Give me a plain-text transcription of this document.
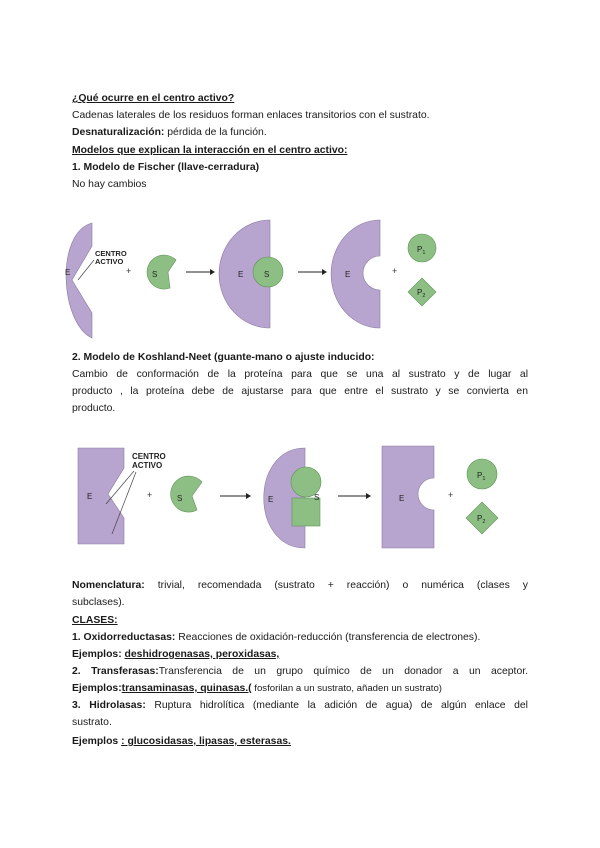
¿Qué ocurre en el centro activo?
Cadenas laterales de los residuos forman enlaces transitorios con el sustrato.
Desnaturalización: pérdida de la función.
Modelos que explican la interacción en el centro activo:
1. Modelo de Fischer (llave-cerradura)
No hay cambios
E
CENTRO
ACTIVO
+	S	E	S	E	+
$P_1$
$P_2$
2. Modelo de Koshland-Neet (guante-mano o ajuste inducido:
Cambio de conformación de la proteína para que se una al sustrato y de lugar al
producto , la proteína debe de ajustarse para que entre el sustrato y se convierta en
producto.
E
CENTRO
ACTIVO
+	S	E	S	E	+
$P_1$
$P_2$
Nomenclatura: trivial, recomendada (sustrato + reacción) o numérica (clases y
subclases).
CLASES:
1. Oxidorreductasas: Reacciones de oxidación-reducción (transferencia de electrones).
Ejemplos: deshidrogenasas, peroxidasas,
2. Transferasas:Transferencia de un grupo químico de un donador a un aceptor.
Ejemplos:transaminasas, quinasas.( fosforilan a un sustrato, añaden un sustrato)
3. Hidrolasas: Ruptura hidrolítica (mediante la adición de agua) de algún enlace del
sustrato.
Ejemplos : glucosidasas, lipasas, esterasas.
